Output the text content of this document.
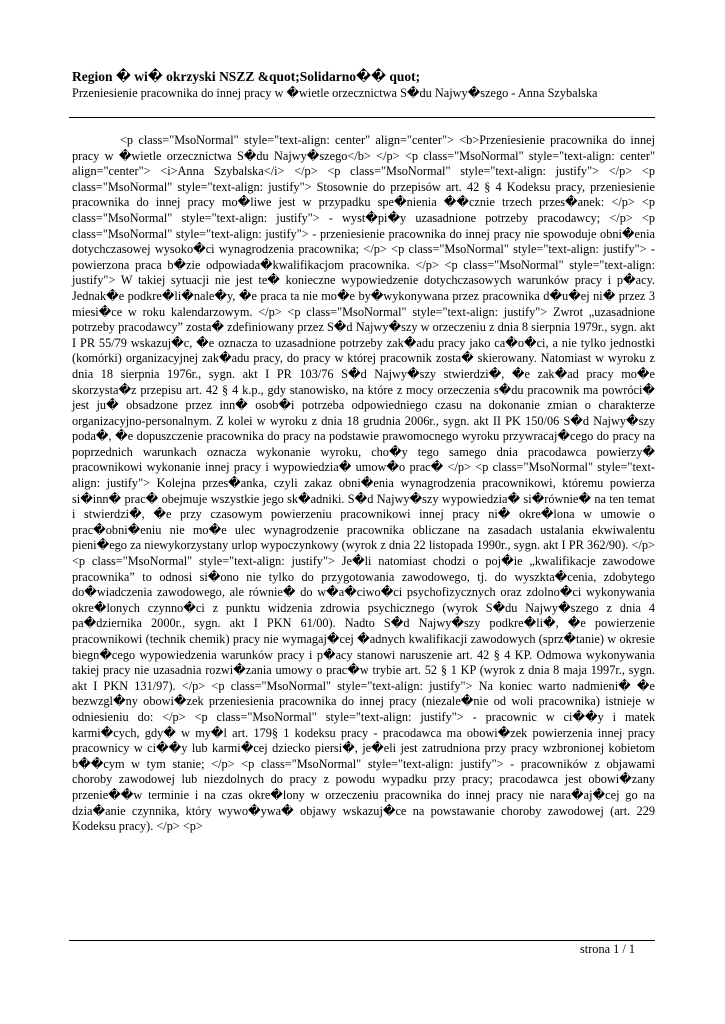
Region � wi� okrzyski NSZZ &quot;Solidarno�� quot;

Przeniesienie pracownika do innej pracy w �wietle orzecznictwa S�du Najwy�szego - Anna Szybalska

<p class="MsoNormal" style="text-align: center" align="center"> <b>Przeniesienie pracownika do innej pracy w �wietle orzecznictwa S�du Najwy�szego</b> </p> <p class="MsoNormal" style="text-align: center" align="center"> <i>Anna Szybalska</i> </p> <p class="MsoNormal" style="text-align: justify"> </p> <p class="MsoNormal" style="text-align: justify"> Stosownie do przepisów art. 42 § 4 Kodeksu pracy, przeniesienie pracownika do innej pracy mo�liwe jest w przypadku spe�nienia ��cznie trzech przes�anek: </p> <p class="MsoNormal" style="text-align: justify"> - wyst�pi�y uzasadnione potrzeby pracodawcy; </p> <p class="MsoNormal" style="text-align: justify"> - przeniesienie pracownika do innej pracy nie spowoduje obni�enia dotychczasowej wysoko�ci wynagrodzenia pracownika; </p> <p class="MsoNormal" style="text-align: justify"> - powierzona praca b�zie odpowiada�kwalifikacjom pracownika. </p> <p class="MsoNormal" style="text-align: justify"> W takiej sytuacji nie jest te� konieczne wypowiedzenie dotychczasowych warunków pracy i p�acy. Jednak�e podkre�li�nale�y, �e praca ta nie mo�e by�wykonywana przez pracownika d�u�ej ni� przez 3 miesi�ce w roku kalendarzowym. </p> <p class="MsoNormal" style="text-align: justify"> Zwrot „uzasadnione potrzeby pracodawcy” zosta� zdefiniowany przez S�d Najwy�szy w orzeczeniu z dnia 8 sierpnia 1979r., sygn. akt I PR 55/79 wskazuj�c, �e oznacza to uzasadnione potrzeby zak�adu pracy jako ca�o�ci, a nie tylko jednostki (komórki) organizacyjnej zak�adu pracy, do pracy w której pracownik zosta� skierowany. Natomiast w wyroku z dnia 18 sierpnia 1976r., sygn. akt I PR 103/76 S�d Najwy�szy stwierdzi�, �e zak�ad pracy mo�e skorzysta�z przepisu art. 42 § 4 k.p., gdy stanowisko, na które z mocy orzeczenia s�du pracownik ma powróci� jest ju� obsadzone przez inn� osob�i potrzeba odpowiedniego czasu na dokonanie zmian o charakterze organizacyjno-personalnym. Z kolei w wyroku z dnia 18 grudnia 2006r., sygn. akt II PK 150/06 S�d Najwy�szy poda�, �e dopuszczenie pracownika do pracy na podstawie prawomocnego wyroku przywracaj�cego do pracy na poprzednich warunkach oznacza wykonanie wyroku, cho�y tego samego dnia pracodawca powierzy� pracownikowi wykonanie innej pracy i wypowiedzia� umow�o prac� </p> <p class="MsoNormal" style="text-align: justify"> Kolejna przes�anka, czyli zakaz obni�enia wynagrodzenia pracownikowi, któremu powierza si�inn� prac� obejmuje wszystkie jego sk�adniki. S�d Najwy�szy wypowiedzia� si�równie� na ten temat i stwierdzi�, �e przy czasowym powierzeniu pracownikowi innej pracy ni� okre�lona w umowie o prac�obni�eniu nie mo�e ulec wynagrodzenie pracownika obliczane na zasadach ustalania ekwiwalentu pieni�ego za niewykorzystany urlop wypoczynkowy (wyrok z dnia 22 listopada 1990r., sygn. akt I PR 362/90). </p> <p class="MsoNormal" style="text-align: justify"> Je�li natomiast chodzi o poj�ie „kwalifikacje zawodowe pracownika” to odnosi si�ono nie tylko do przygotowania zawodowego, tj. do wyszkta�cenia, zdobytego do�wiadczenia zawodowego, ale równie� do w�a�ciwo�ci psychofizycznych oraz zdolno�ci wykonywania okre�lonych czynno�ci z punktu widzenia zdrowia psychicznego (wyrok S�du Najwy�szego z dnia 4 pa�dziernika 2000r., sygn. akt I PKN 61/00). Nadto S�d Najwy�szy podkre�li�, �e powierzenie pracownikowi (technik chemik) pracy nie wymagaj�cej �adnych kwalifikacji zawodowych (sprz�tanie) w okresie biegn�cego wypowiedzenia warunków pracy i p�acy stanowi naruszenie art. 42 § 4 KP. Odmowa wykonywania takiej pracy nie uzasadnia rozwi�zania umowy o prac�w trybie art. 52 § 1 KP (wyrok z dnia 8 maja 1997r., sygn. akt I PKN 131/97). </p> <p class="MsoNormal" style="text-align: justify"> Na koniec warto nadmieni� �e bezwzgl�ny obowi�zek przeniesienia pracownika do innej pracy (niezale�nie od woli pracownika) istnieje w odniesieniu do: </p> <p class="MsoNormal" style="text-align: justify"> - pracownic w ci��y i matek karmi�cych, gdy� w my�l art. 179§ 1 kodeksu pracy - pracodawca ma obowi�zek powierzenia innej pracy pracownicy w ci��y lub karmi�cej dziecko piersi�, je�eli jest zatrudniona przy pracy wzbronionej kobietom b��cym w tym stanie; </p> <p class="MsoNormal" style="text-align: justify"> - pracowników z objawami choroby zawodowej lub niezdolnych do pracy z powodu wypadku przy pracy; pracodawca jest obowi�zany przenie��w terminie i na czas okre�lony w orzeczeniu pracownika do innej pracy nie nara�aj�cej go na dzia�anie czynnika, który wywo�ywa� objawy wskazuj�ce na powstawanie choroby zawodowej (art. 229 Kodeksu pracy). </p> <p>

strona 1 / 1
